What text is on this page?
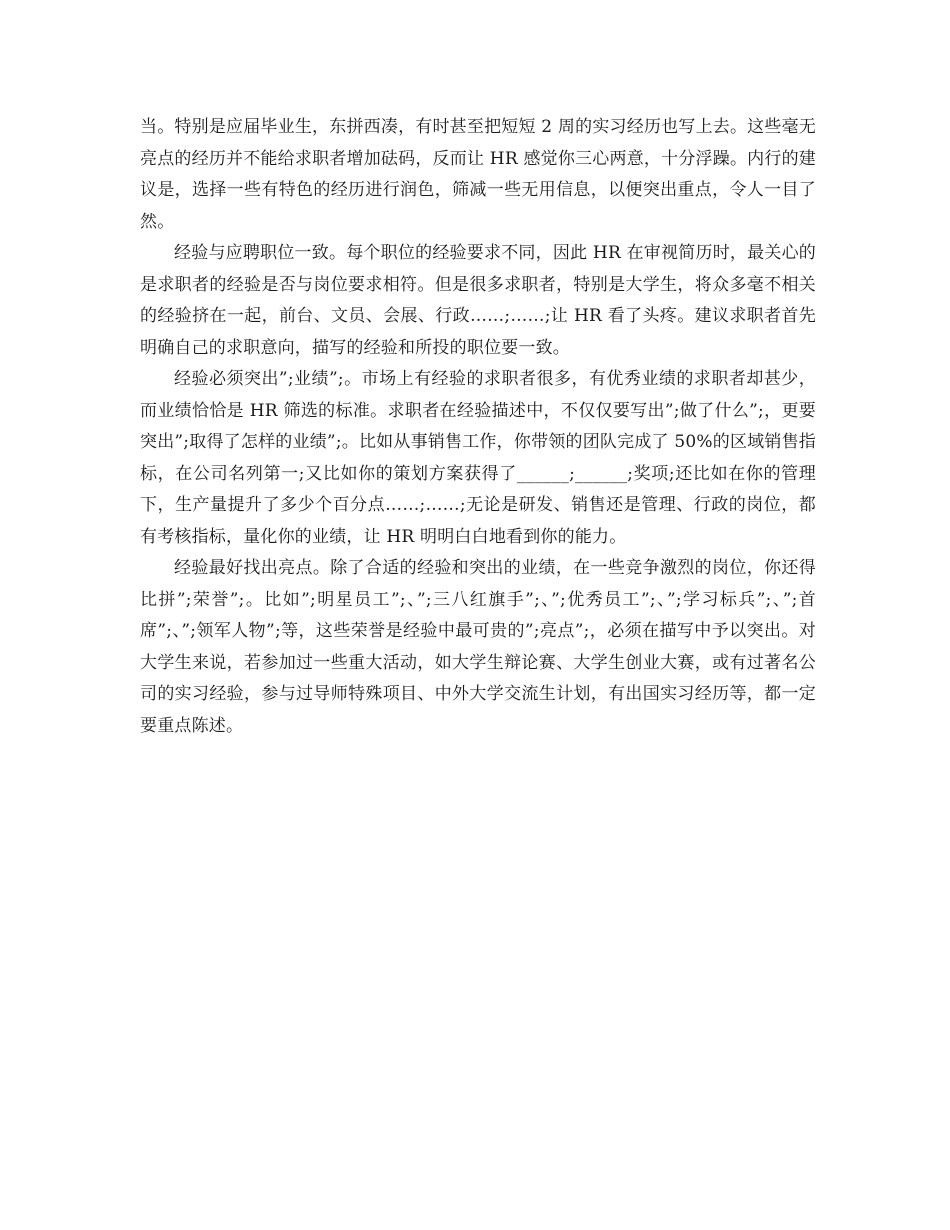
当。特别是应届毕业生，东拼西凑，有时甚至把短短 2 周的实习经历也写上去。这些毫无亮点的经历并不能给求职者增加砝码，反而让 HR 感觉你三心两意，十分浮躁。内行的建议是，选择一些有特色的经历进行润色，筛减一些无用信息，以便突出重点，令人一目了然。

经验与应聘职位一致。每个职位的经验要求不同，因此 HR 在审视简历时，最关心的是求职者的经验是否与岗位要求相符。但是很多求职者，特别是大学生，将众多毫不相关的经验挤在一起，前台、文员、会展、行政……;……;让 HR 看了头疼。建议求职者首先明确自己的求职意向，描写的经验和所投的职位要一致。

经验必须突出”;业绩”;。市场上有经验的求职者很多，有优秀业绩的求职者却甚少，而业绩恰恰是 HR 筛选的标准。求职者在经验描述中，不仅仅要写出”;做了什么”;，更要突出”;取得了怎样的业绩”;。比如从事销售工作，你带领的团队完成了 50%的区域销售指标，在公司名列第一;又比如你的策划方案获得了______;______;奖项;还比如在你的管理下，生产量提升了多少个百分点……;……;无论是研发、销售还是管理、行政的岗位，都有考核指标，量化你的业绩，让 HR 明明白白地看到你的能力。

经验最好找出亮点。除了合适的经验和突出的业绩，在一些竞争激烈的岗位，你还得比拼”;荣誉”;。比如”;明星员工”;、”;三八红旗手”;、”;优秀员工”;、”;学习标兵”;、”;首席”;、”;领军人物”;等，这些荣誉是经验中最可贵的”;亮点”;，必须在描写中予以突出。对大学生来说，若参加过一些重大活动，如大学生辩论赛、大学生创业大赛，或有过著名公司的实习经验，参与过导师特殊项目、中外大学交流生计划，有出国实习经历等，都一定要重点陈述。
